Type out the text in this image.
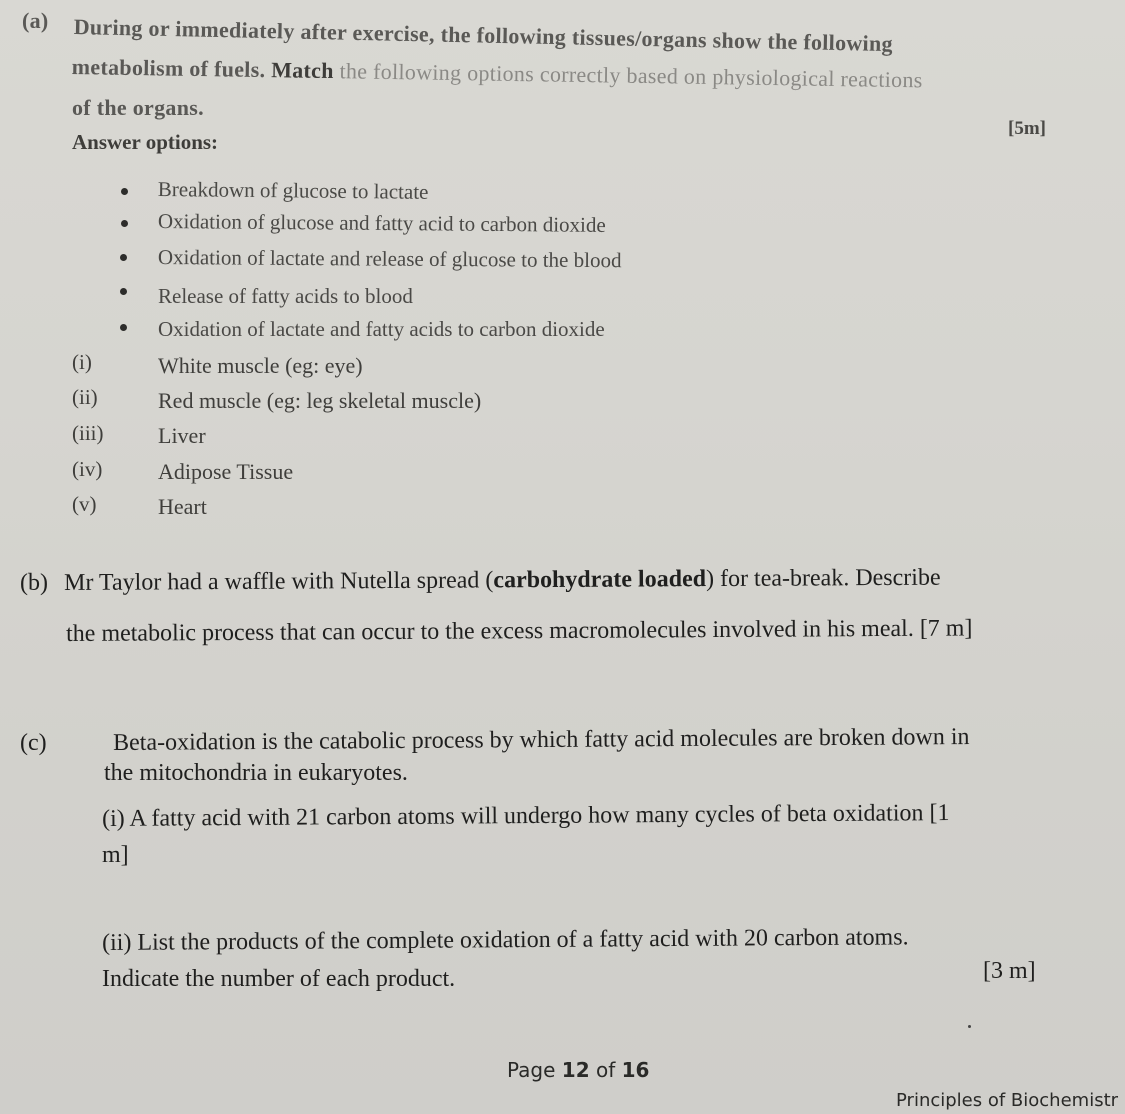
(a) During or immediately after exercise, the following tissues/organs show the following
metabolism of fuels. Match the following options correctly based on physiological reactions
of the organs.
[5m]
Answer options:
Breakdown of glucose to lactate
Oxidation of glucose and fatty acid to carbon dioxide
Oxidation of lactate and release of glucose to the blood
Release of fatty acids to blood
Oxidation of lactate and fatty acids to carbon dioxide
(i)	White muscle (eg: eye)
(ii)	Red muscle (eg: leg skeletal muscle)
(iii) Liver
(iv)	Adipose Tissue
(v)	Heart
(b) Mr Taylor had a waffle with Nutella spread (carbohydrate loaded) for tea-break. Describe
the metabolic process that can occur to the excess macromolecules involved in his meal. [7 m]
(c)	Beta-oxidation is the catabolic process by which fatty acid molecules are broken down in
the mitochondria in eukaryotes.
(i) A fatty acid with 21 carbon atoms will undergo how many cycles of beta oxidation [1
m]
(ii) List the products of the complete oxidation of a fatty acid with 20 carbon atoms.
Indicate the number of each product.	[3 m]
Page 12 of 16
Principles of Biochemistr
